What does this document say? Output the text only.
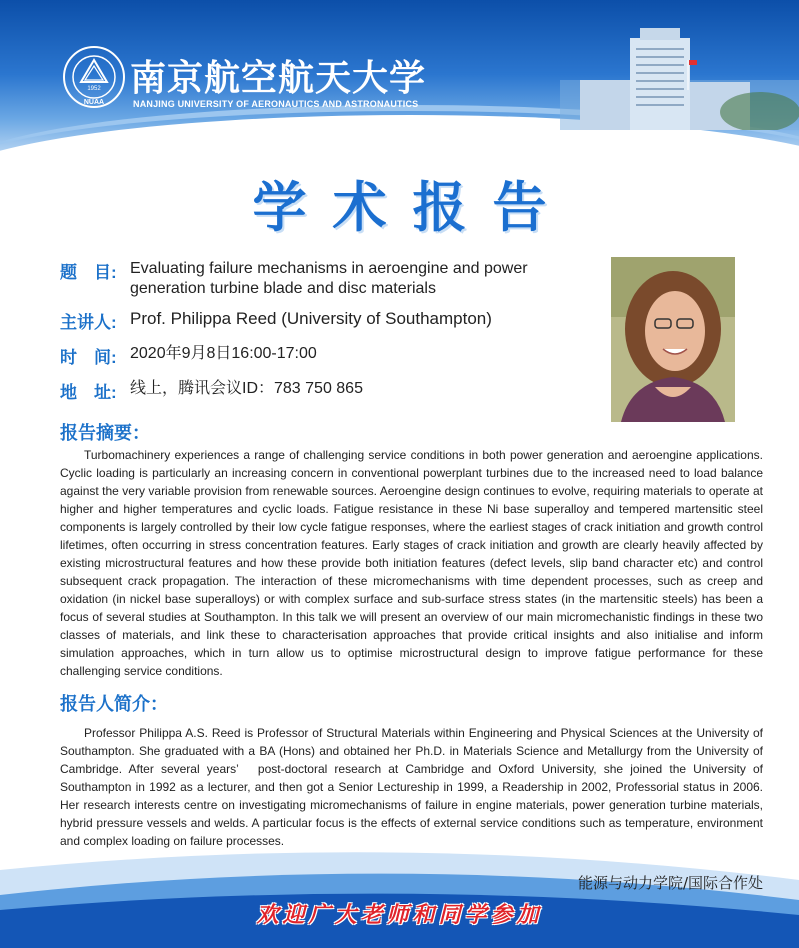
1952
NUAA
南京航空航天大学
NANJING UNIVERSITY OF AERONAUTICS AND ASTRONAUTICS
学术报告
题　目: Evaluating failure mechanisms in aeroengine and power
generation turbine blade and disc materials
主讲人: Prof. Philippa Reed (University of Southampton)
时　间: 2020年9月8日16:00-17:00
地　址: 线上，腾讯会议ID：783 750 865
报告摘要：

Turbomachinery experiences a range of challenging service conditions in both power generation and aeroengine applications. Cyclic loading is particularly an increasing concern in conventional powerplant turbines due to the increased need to load balance against the very variable provision from renewable sources. Aeroengine design continues to evolve, requiring materials to operate at higher and higher temperatures and cyclic loads. Fatigue resistance in these Ni base superalloy and tempered martensitic steel components is largely controlled by their low cycle fatigue responses, where the earliest stages of crack initiation and growth control lifetimes, often occurring in stress concentration features. Early stages of crack initiation and growth are clearly heavily affected by existing microstructural features and how these provide both initiation features (defect levels, slip band character etc) and control subsequent crack propagation. The interaction of these micromechanisms with time dependent processes, such as creep and oxidation (in nickel base superalloys) or with complex surface and sub-surface stress states (in the martensitic steels) has been a focus of several studies at Southampton. In this talk we will present an overview of our main micromechanistic findings in these two classes of materials, and link these to characterisation approaches that provide critical insights and also initialise and inform simulation approaches, which in turn allow us to optimise microstructural design to improve fatigue performance for these challenging service conditions.

报告人简介：

Professor Philippa A.S. Reed is Professor of Structural Materials within Engineering and Physical Sciences at the University of Southampton. She graduated with a BA (Hons) and obtained her Ph.D. in Materials Science and Metallurgy from the University of Cambridge. After several years’　post-doctoral research at Cambridge and Oxford University, she joined the University of Southampton in 1992 as a lecturer, and then got a Senior Lectureship in 1999, a Readership in 2002, Professorial status in 2006. Her research interests centre on investigating micromechanisms of failure in engine materials, power generation turbine materials, hybrid pressure vessels and welds. A particular focus is the effects of external service conditions such as temperature, environment and complex loading on failure processes.

能源与动力学院/国际合作处
欢迎广大老师和同学参加
